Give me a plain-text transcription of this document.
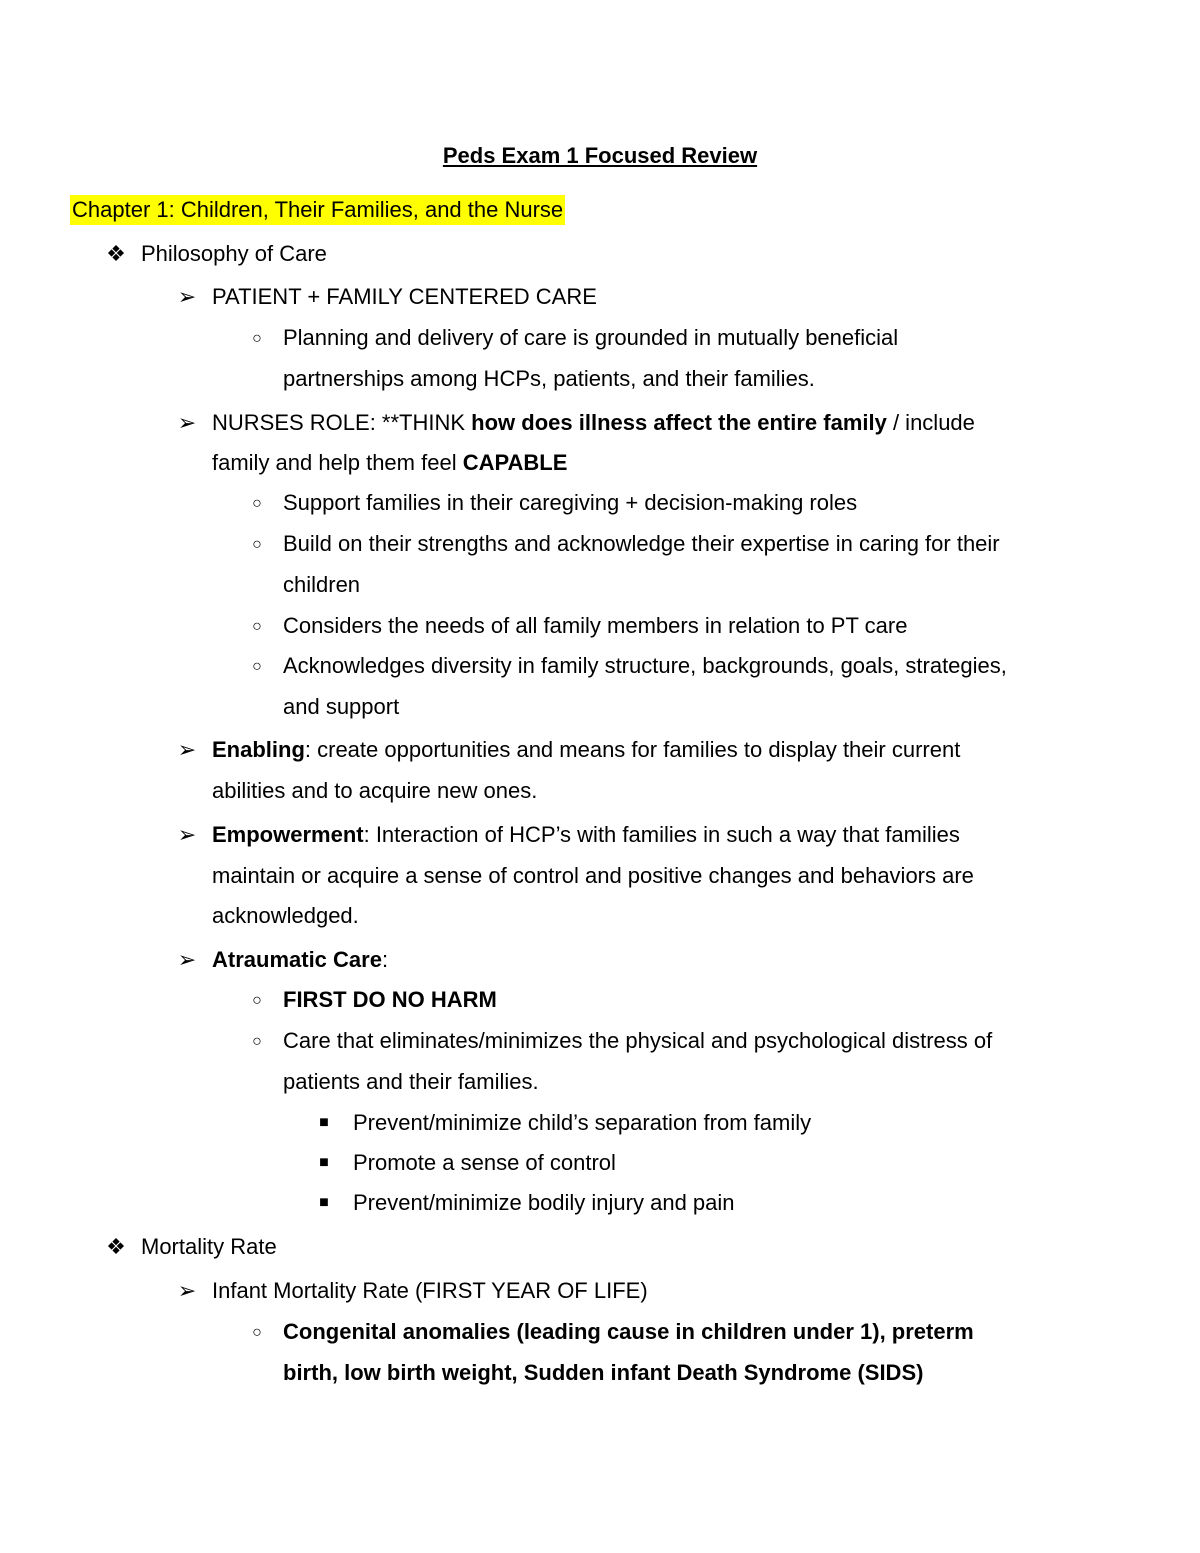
Peds Exam 1 Focused Review
Chapter 1: Children, Their Families, and the Nurse
❖ Philosophy of Care
➢ PATIENT + FAMILY CENTERED CARE
○ Planning and delivery of care is grounded in mutually beneficial
partnerships among HCPs, patients, and their families.
➢ NURSES ROLE: **THINK how does illness affect the entire family / include
family and help them feel CAPABLE
○ Support families in their caregiving + decision-making roles
○ Build on their strengths and acknowledge their expertise in caring for their
children
○ Considers the needs of all family members in relation to PT care
○ Acknowledges diversity in family structure, backgrounds, goals, strategies,
and support
➢ Enabling: create opportunities and means for families to display their current
abilities and to acquire new ones.
➢ Empowerment: Interaction of HCP’s with families in such a way that families
maintain or acquire a sense of control and positive changes and behaviors are
acknowledged.
➢ Atraumatic Care:
○ FIRST DO NO HARM
○ Care that eliminates/minimizes the physical and psychological distress of
patients and their families.
■	Prevent/minimize child’s separation from family
■	Promote a sense of control
■	Prevent/minimize bodily injury and pain
❖ Mortality Rate
➢ Infant Mortality Rate (FIRST YEAR OF LIFE)
○ Congenital anomalies (leading cause in children under 1), preterm
birth, low birth weight, Sudden infant Death Syndrome (SIDS)
